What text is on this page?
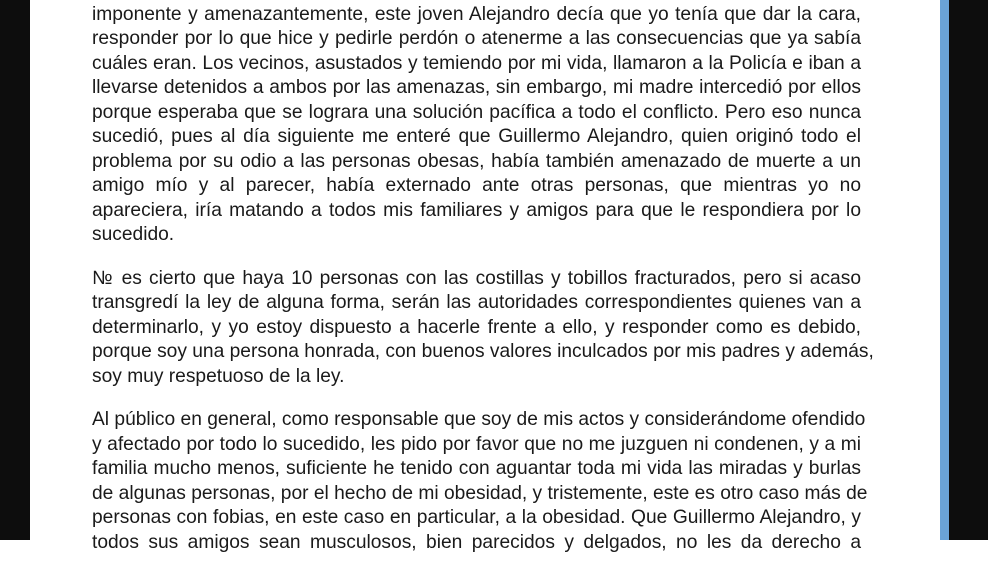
imponente y amenazantemente, este joven Alejandro decía que yo tenía que dar la cara,
responder por lo que hice y pedirle perdón o atenerme a las consecuencias que ya sabía
cuáles eran. Los vecinos, asustados y temiendo por mi vida, llamaron a la Policía e iban a
llevarse detenidos a ambos por las amenazas, sin embargo, mi madre intercedió por ellos
porque esperaba que se lograra una solución pacífica a todo el conflicto. Pero eso nunca
sucedió, pues al día siguiente me enteré que Guillermo Alejandro, quien originó todo el
problema por su odio a las personas obesas, había también amenazado de muerte a un
amigo mío y al parecer, había externado ante otras personas, que mientras yo no
apareciera, iría matando a todos mis familiares y amigos para que le respondiera por lo
sucedido.
№ es cierto que haya 10 personas con las costillas y tobillos fracturados, pero si acaso
transgredí la ley de alguna forma, serán las autoridades correspondientes quienes van a
determinarlo, y yo estoy dispuesto a hacerle frente a ello, y responder como es debido,
porque soy una persona honrada, con buenos valores inculcados por mis padres y además,
soy muy respetuoso de la ley.
Al público en general, como responsable que soy de mis actos y considerándome ofendido
y afectado por todo lo sucedido, les pido por favor que no me juzguen ni condenen, y a mi
familia mucho menos, suficiente he tenido con aguantar toda mi vida las miradas y burlas
de algunas personas, por el hecho de mi obesidad, y tristemente, este es otro caso más de
personas con fobias, en este caso en particular, a la obesidad. Que Guillermo Alejandro, y
todos sus amigos sean musculosos, bien parecidos y delgados, no les da derecho a
